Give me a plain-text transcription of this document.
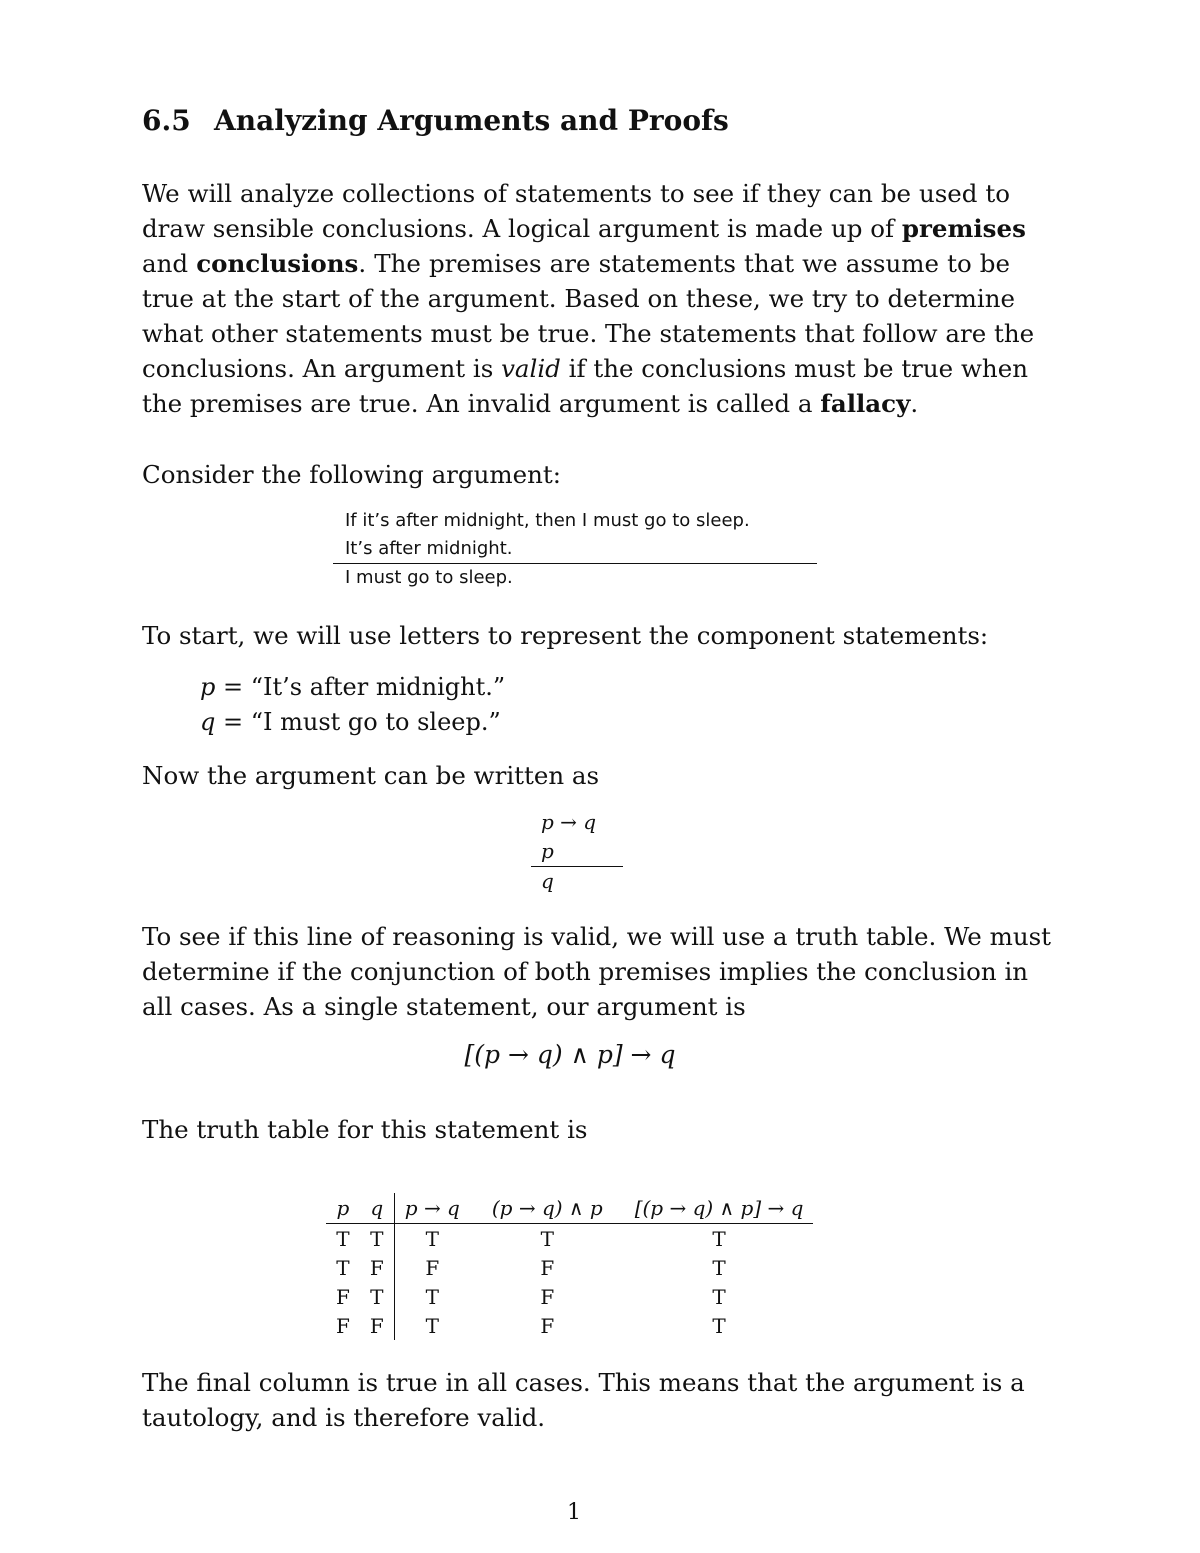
6.5 Analyzing Arguments and Proofs
We will analyze collections of statements to see if they can be used to
draw sensible conclusions. A logical argument is made up of premises
and conclusions. The premises are statements that we assume to be
true at the start of the argument. Based on these, we try to determine
what other statements must be true. The statements that follow are the
conclusions. An argument is valid if the conclusions must be true when
the premises are true. An invalid argument is called a fallacy.
Consider the following argument:
If it’s after midnight, then I must go to sleep.
It’s after midnight.
I must go to sleep.
To start, we will use letters to represent the component statements:
p = “It’s after midnight.”
q = “I must go to sleep.”
Now the argument can be written as
p → q
p
q
To see if this line of reasoning is valid, we will use a truth table. We must
determine if the conjunction of both premises implies the conclusion in
all cases. As a single statement, our argument is
[(p → q) ∧ p] → q
The truth table for this statement is
p	q	p → q	(p → q) ∧ p	[(p → q) ∧ p] → q
T	T	T	T	T
T	F	F	F	T
F	T	T	F	T
F	F	T	F	T
The final column is true in all cases. This means that the argument is a
tautology, and is therefore valid.
1
